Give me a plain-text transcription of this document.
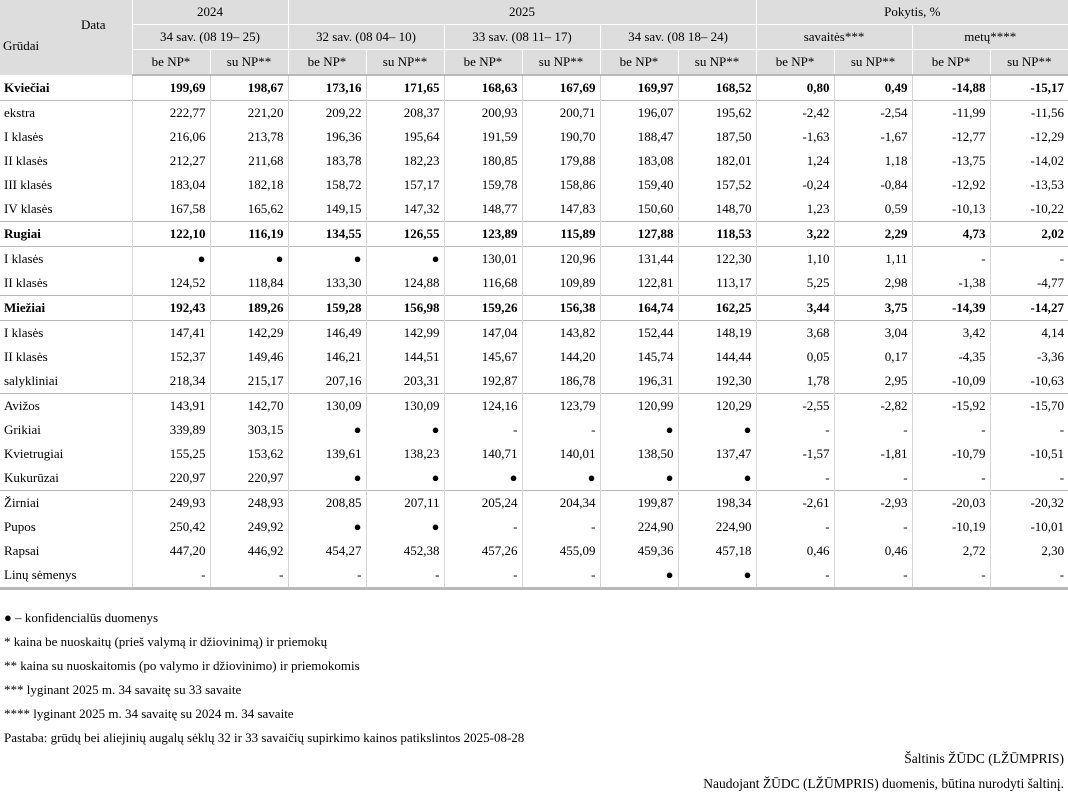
Data
Grūdai	2024		2025						Pokytis, %			
	34 sav. (08 19– 25)		32 sav. (08 04– 10)		33 sav. (08 11– 17)		34 sav. (08 18– 24)		savaitės***		metų****	
	be NP*	su NP**	be NP*	su NP**	be NP*	su NP**	be NP*	su NP**	be NP*	su NP**	be NP*	su NP**
Kviečiai	199,69	198,67	173,16	171,65	168,63	167,69	169,97	168,52	0,80	0,49	-14,88	-15,17
ekstra	222,77	221,20	209,22	208,37	200,93	200,71	196,07	195,62	-2,42	-2,54	-11,99	-11,56
I klasės	216,06	213,78	196,36	195,64	191,59	190,70	188,47	187,50	-1,63	-1,67	-12,77	-12,29
II klasės	212,27	211,68	183,78	182,23	180,85	179,88	183,08	182,01	1,24	1,18	-13,75	-14,02
III klasės	183,04	182,18	158,72	157,17	159,78	158,86	159,40	157,52	-0,24	-0,84	-12,92	-13,53
IV klasės	167,58	165,62	149,15	147,32	148,77	147,83	150,60	148,70	1,23	0,59	-10,13	-10,22
Rugiai	122,10	116,19	134,55	126,55	123,89	115,89	127,88	118,53	3,22	2,29	4,73	2,02
I klasės	●	●	●	●	130,01	120,96	131,44	122,30	1,10	1,11	-	-
II klasės	124,52	118,84	133,30	124,88	116,68	109,89	122,81	113,17	5,25	2,98	-1,38	-4,77
Miežiai	192,43	189,26	159,28	156,98	159,26	156,38	164,74	162,25	3,44	3,75	-14,39	-14,27
I klasės	147,41	142,29	146,49	142,99	147,04	143,82	152,44	148,19	3,68	3,04	3,42	4,14
II klasės	152,37	149,46	146,21	144,51	145,67	144,20	145,74	144,44	0,05	0,17	-4,35	-3,36
salykliniai	218,34	215,17	207,16	203,31	192,87	186,78	196,31	192,30	1,78	2,95	-10,09	-10,63
Avižos	143,91	142,70	130,09	130,09	124,16	123,79	120,99	120,29	-2,55	-2,82	-15,92	-15,70
Grikiai	339,89	303,15	●	●	-	-	●	●	-	-	-	-
Kvietrugiai	155,25	153,62	139,61	138,23	140,71	140,01	138,50	137,47	-1,57	-1,81	-10,79	-10,51
Kukurūzai	220,97	220,97	●	●	●	●	●	●	-	-	-	-
Žirniai	249,93	248,93	208,85	207,11	205,24	204,34	199,87	198,34	-2,61	-2,93	-20,03	-20,32
Pupos	250,42	249,92	●	●	-	-	224,90	224,90	-	-	-10,19	-10,01
Rapsai	447,20	446,92	454,27	452,38	457,26	455,09	459,36	457,18	0,46	0,46	2,72	2,30
Linų sėmenys	-	-	-	-	-	-	●	●	-	-	-	-
● – konfidencialūs duomenys
* kaina be nuoskaitų (prieš valymą ir džiovinimą) ir priemokų
** kaina su nuoskaitomis (po valymo ir džiovinimo) ir priemokomis
*** lyginant 2025 m. 34 savaitę su 33 savaite
**** lyginant 2025 m. 34 savaitę su 2024 m. 34 savaite
Pastaba: grūdų bei aliejinių augalų sėklų 32 ir 33 savaičių supirkimo kainos patikslintos 2025-08-28
Šaltinis ŽŪDC (LŽŪMPRIS)
Naudojant ŽŪDC (LŽŪMPRIS) duomenis, būtina nurodyti šaltinį.
